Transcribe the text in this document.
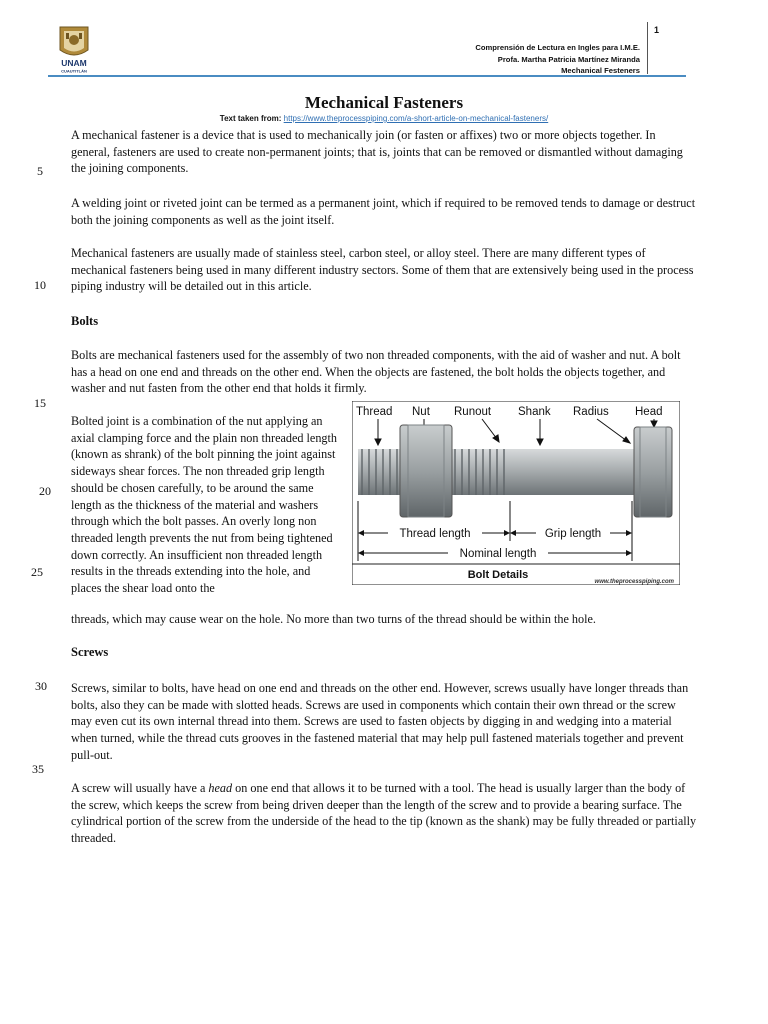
UNAM
CUAUTITLÁN
Comprensión de Lectura en Ingles para I.M.E.
Profa. Martha Patricia Martínez Miranda
Mechanical Festeners
1
Mechanical Fasteners
Text taken from: https://www.theprocesspiping.com/a-short-article-on-mechanical-fasteners/

A mechanical fastener is a device that is used to mechanically join (or fasten or affixes) two or more objects together. In general, fasteners are used to create non-permanent joints; that is, joints that can be removed or dismantled without damaging the joining components.

A welding joint or riveted joint can be termed as a permanent joint, which if required to be removed tends to damage or destruct both the joining components as well as the joint itself.

Mechanical fasteners are usually made of stainless steel, carbon steel, or alloy steel. There are many different types of mechanical fasteners being used in many different industry sectors. Some of them that are extensively being used in the process piping industry will be detailed out in this article.

Bolts

Bolts are mechanical fasteners used for the assembly of two non threaded components, with the aid of washer and nut. A bolt has a head on one end and threads on the other end. When the objects are fastened, the bolt holds the objects together, and washer and nut fasten from the other end that holds it firmly.

Bolted joint is a combination of the nut applying an axial clamping force and the plain non threaded length (known as shrank) of the bolt pinning the joint against sideways shear forces. The non threaded grip length should be chosen carefully, to be around the same length as the thickness of the material and washers through which the bolt passes. An overly long non threaded length prevents the nut from being tightened down correctly. An insufficient non threaded length results in the threads extending into the hole, and places the shear load onto the

threads, which may cause wear on the hole. No more than two turns of the thread should be within the hole.

Screws

Screws, similar to bolts, have head on one end and threads on the other end. However, screws usually have longer threads than bolts, also they can be made with slotted heads. Screws are used in components which contain their own thread or the screw may even cut its own internal thread into them. Screws are used to fasten objects by digging in and wedging into a material when turned, while the thread cuts grooves in the fastened material that may help pull fastened materials together and prevent pull-out.

A screw will usually have a head on one end that allows it to be turned with a tool. The head is usually larger than the body of the screw, which keeps the screw from being driven deeper than the length of the screw and to provide a bearing surface. The cylindrical portion of the screw from the underside of the head to the tip (known as the shank) may be fully threaded or partially threaded.

5
10
15
20
25
30
35
Thread Nut Runout Shank Radius Head
Thread length	Grip length
Nominal length
Bolt Details
www.theprocesspiping.com
